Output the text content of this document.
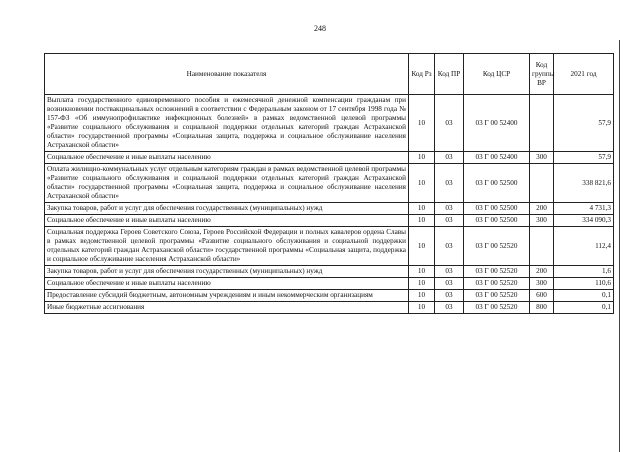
248
Наименование показателя	Код Рз	Код ПР	Код ЦСР	Код группы ВР	2021 год
Выплата государственного единовременного пособия и ежемесячной денежной компенсации гражданам при возникновении поствакцинальных осложнений в соответствии с Федеральным законом от 17 сентября 1998 года № 157-ФЗ «Об иммунопрофилактике инфекционных болезней» в рамках ведомственной целевой программы «Развитие социального обслуживания и социальной поддержки отдельных категорий граждан Астраханской области» государственной программы «Социальная защита, поддержка и социальное обслуживание населения Астраханской области»	10	03	03 Г 00 52400		57,9
Социальное обеспечение и иные выплаты населению	10	03	03 Г 00 52400	300	57,9
Оплата жилищно-коммунальных услуг отдельным категориям граждан в рамках ведомственной целевой программы «Развитие социального обслуживания и социальной поддержки отдельных категорий граждан Астраханской области» государственной программы «Социальная защита, поддержка и социальное обслуживание населения Астраханской области»	10	03	03 Г 00 52500		338 821,6
Закупка товаров, работ и услуг для обеспечения государственных (муниципальных) нужд	10	03	03 Г 00 52500	200	4 731,3
Социальное обеспечение и иные выплаты населению	10	03	03 Г 00 52500	300	334 090,3
Социальная поддержка Героев Советского Союза, Героев Российской Федерации и полных кавалеров ордена Славы в рамках ведомственной целевой программы «Развитие социального обслуживания и социальной поддержки отдельных категорий граждан Астраханской области» государственной программы «Социальная защита, поддержка и социальное обслуживание населения Астраханской области»	10	03	03 Г 00 52520		112,4
Закупка товаров, работ и услуг для обеспечения государственных (муниципальных) нужд	10	03	03 Г 00 52520	200	1,6
Социальное обеспечение и иные выплаты населению	10	03	03 Г 00 52520	300	110,6
Предоставление субсидий бюджетным, автономным учреждениям и иным некоммерческим организациям	10	03	03 Г 00 52520	600	0,1
Иные бюджетные ассигнования	10	03	03 Г 00 52520	800	0,1
